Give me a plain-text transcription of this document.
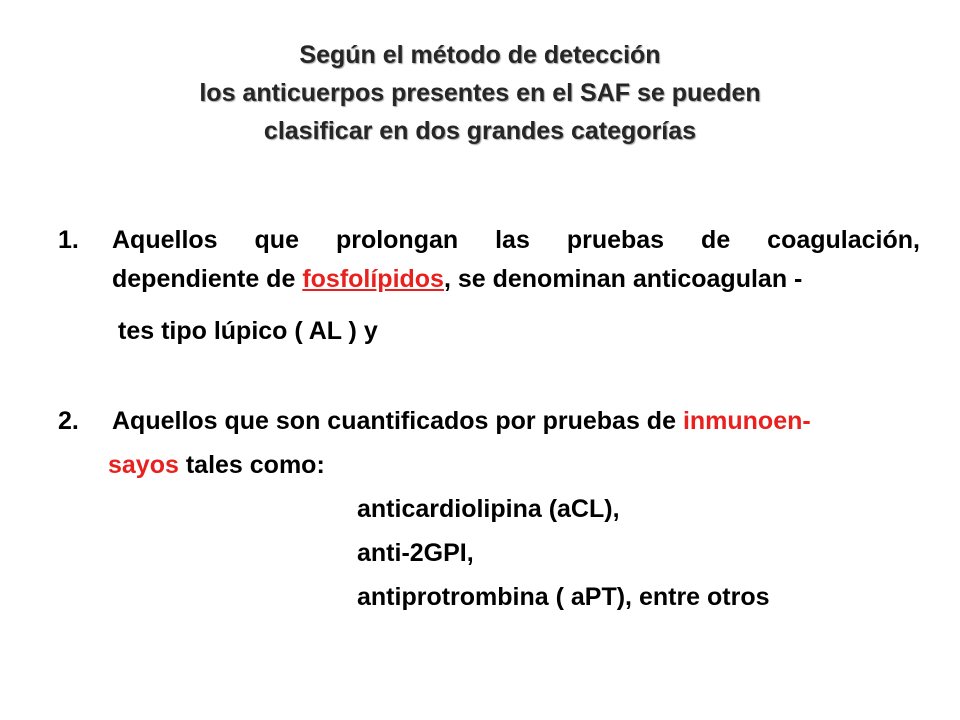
Según el método de detección
los anticuerpos presentes en el SAF se pueden
clasificar en dos grandes categorías
1. Aquellos que prolongan las pruebas de coagulación,
dependiente de fosfolípidos, se denominan anticoagulan -
tes tipo lúpico ( AL ) y
2. Aquellos que son cuantificados por pruebas de inmunoen-
sayos tales como:
anticardiolipina (aCL),
anti-2GPI,
antiprotrombina ( aPT), entre otros
